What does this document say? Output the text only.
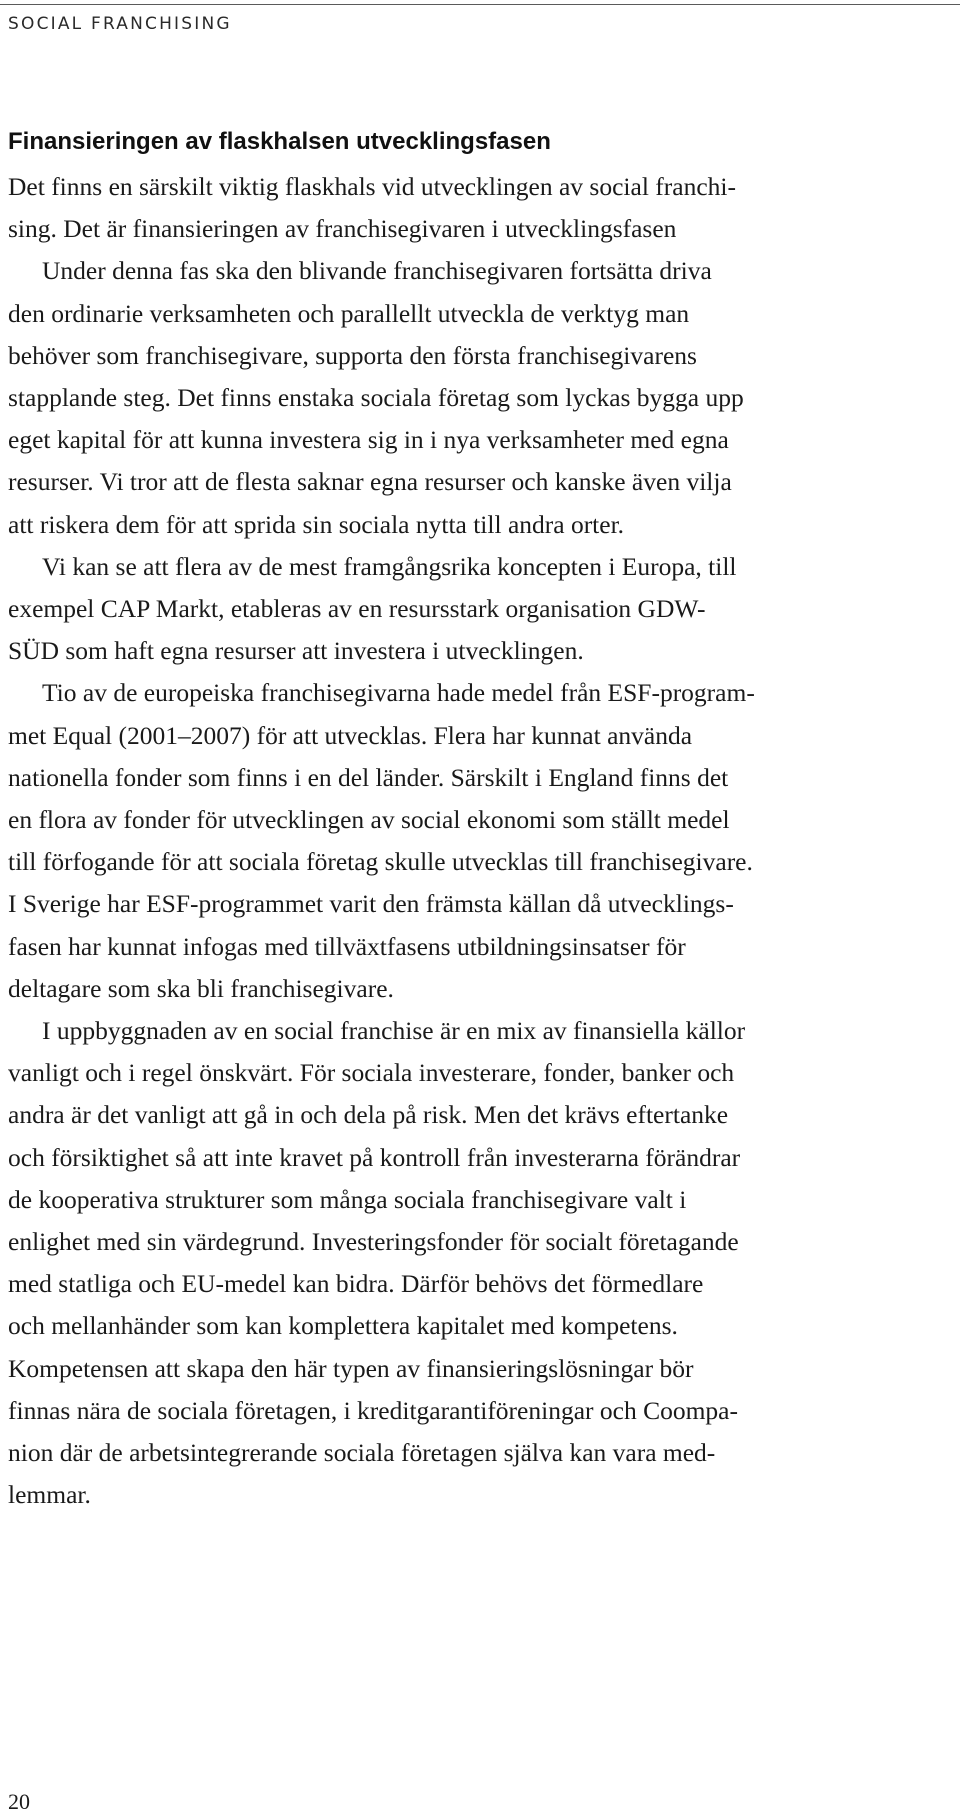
SOCIAL FRANCHISING
Finansieringen av flaskhalsen utvecklingsfasen
Det finns en särskilt viktig flaskhals vid utvecklingen av social franchi-
sing. Det är finansieringen av franchisegivaren i utvecklingsfasen
Under denna fas ska den blivande franchisegivaren fortsätta driva
den ordinarie verksamheten och parallellt utveckla de verktyg man
behöver som franchisegivare, supporta den första franchisegivarens
stapplande steg. Det finns enstaka sociala företag som lyckas bygga upp
eget kapital för att kunna investera sig in i nya verksamheter med egna
resurser. Vi tror att de flesta saknar egna resurser och kanske även vilja
att riskera dem för att sprida sin sociala nytta till andra orter.
Vi kan se att flera av de mest framgångsrika koncepten i Europa, till
exempel CAP Markt, etableras av en resursstark organisation GDW-
SÜD som haft egna resurser att investera i utvecklingen.
Tio av de europeiska franchisegivarna hade medel från ESF-program-
met Equal (2001–2007) för att utvecklas. Flera har kunnat använda
nationella fonder som finns i en del länder. Särskilt i England finns det
en flora av fonder för utvecklingen av social ekonomi som ställt medel
till förfogande för att sociala företag skulle utvecklas till franchisegivare.
I Sverige har ESF-programmet varit den främsta källan då utvecklings-
fasen har kunnat infogas med tillväxtfasens utbildningsinsatser för
deltagare som ska bli franchisegivare.
I uppbyggnaden av en social franchise är en mix av finansiella källor
vanligt och i regel önskvärt. För sociala investerare, fonder, banker och
andra är det vanligt att gå in och dela på risk. Men det krävs eftertanke
och försiktighet så att inte kravet på kontroll från investerarna förändrar
de kooperativa strukturer som många sociala franchisegivare valt i
enlighet med sin värdegrund. Investeringsfonder för socialt företagande
med statliga och EU-medel kan bidra. Därför behövs det förmedlare
och mellanhänder som kan komplettera kapitalet med kompetens.
Kompetensen att skapa den här typen av finansieringslösningar bör
finnas nära de sociala företagen, i kreditgarantiföreningar och Coompa-
nion där de arbetsintegrerande sociala företagen själva kan vara med-
lemmar.
20
